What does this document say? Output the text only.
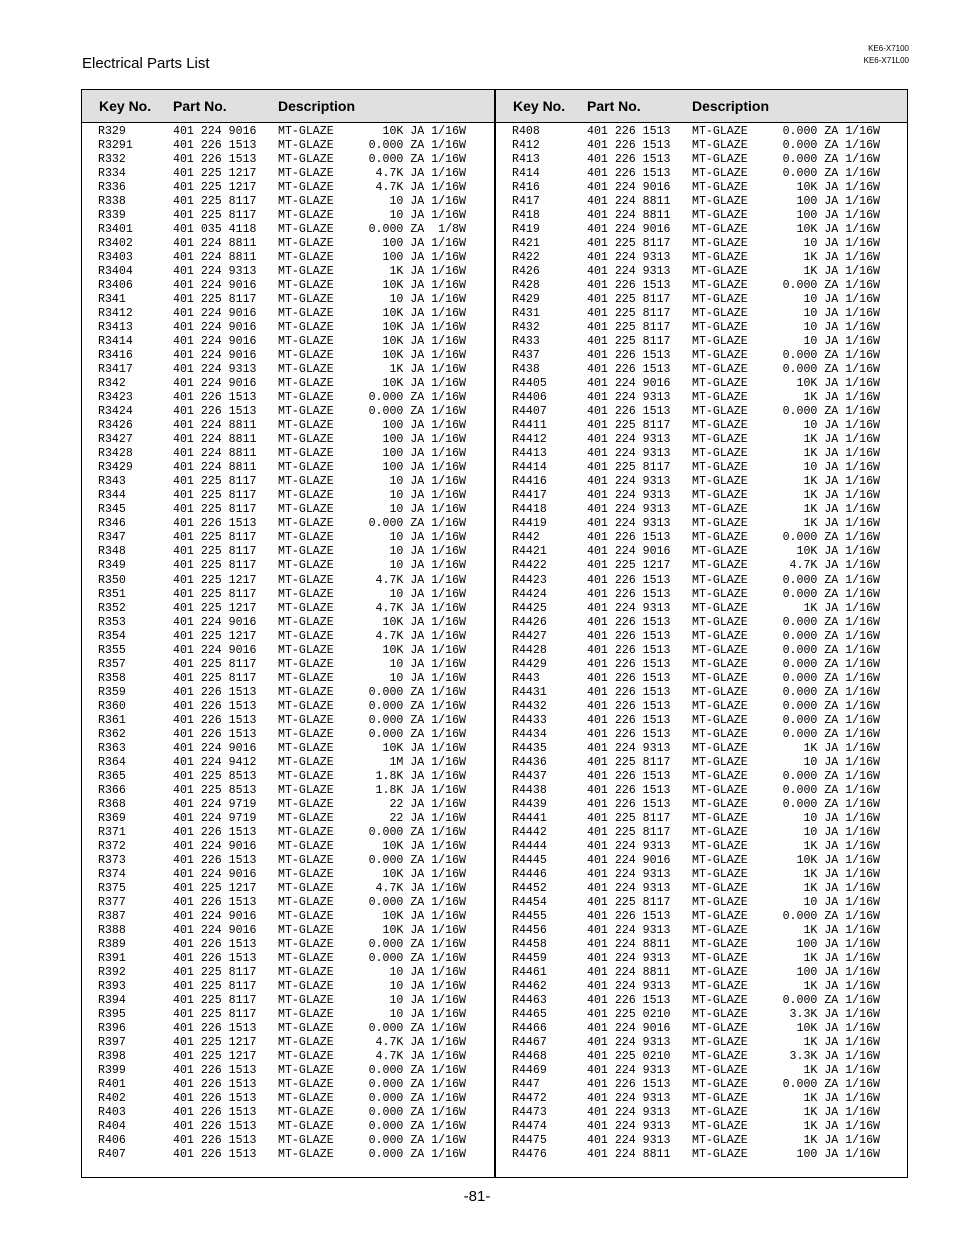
Electrical Parts List
KE6-X7100
KE6-X71L00
Key No. Part No.	Description	Key No. Part No.	Description
R329	401 224 9016 MT-GLAZE	10K JA 1/16W
R3291	401 226 1513 MT-GLAZE	0.000 ZA 1/16W
R332	401 226 1513 MT-GLAZE	0.000 ZA 1/16W
R334	401 225 1217 MT-GLAZE	4.7K JA 1/16W
R336	401 225 1217 MT-GLAZE	4.7K JA 1/16W
R338	401 225 8117 MT-GLAZE	10 JA 1/16W
R339	401 225 8117 MT-GLAZE	10 JA 1/16W
R3401	401 035 4118 MT-GLAZE	0.000 ZA  1/8W
R3402	401 224 8811 MT-GLAZE	100 JA 1/16W
R3403	401 224 8811 MT-GLAZE	100 JA 1/16W
R3404	401 224 9313 MT-GLAZE	1K JA 1/16W
R3406	401 224 9016 MT-GLAZE	10K JA 1/16W
R341	401 225 8117 MT-GLAZE	10 JA 1/16W
R3412	401 224 9016 MT-GLAZE	10K JA 1/16W
R3413	401 224 9016 MT-GLAZE	10K JA 1/16W
R3414	401 224 9016 MT-GLAZE	10K JA 1/16W
R3416	401 224 9016 MT-GLAZE	10K JA 1/16W
R3417	401 224 9313 MT-GLAZE	1K JA 1/16W
R342	401 224 9016 MT-GLAZE	10K JA 1/16W
R3423	401 226 1513 MT-GLAZE	0.000 ZA 1/16W
R3424	401 226 1513 MT-GLAZE	0.000 ZA 1/16W
R3426	401 224 8811 MT-GLAZE	100 JA 1/16W
R3427	401 224 8811 MT-GLAZE	100 JA 1/16W
R3428	401 224 8811 MT-GLAZE	100 JA 1/16W
R3429	401 224 8811 MT-GLAZE	100 JA 1/16W
R343	401 225 8117 MT-GLAZE	10 JA 1/16W
R344	401 225 8117 MT-GLAZE	10 JA 1/16W
R345	401 225 8117 MT-GLAZE	10 JA 1/16W
R346	401 226 1513 MT-GLAZE	0.000 ZA 1/16W
R347	401 225 8117 MT-GLAZE	10 JA 1/16W
R348	401 225 8117 MT-GLAZE	10 JA 1/16W
R349	401 225 8117 MT-GLAZE	10 JA 1/16W
R350	401 225 1217 MT-GLAZE	4.7K JA 1/16W
R351	401 225 8117 MT-GLAZE	10 JA 1/16W
R352	401 225 1217 MT-GLAZE	4.7K JA 1/16W
R353	401 224 9016 MT-GLAZE	10K JA 1/16W
R354	401 225 1217 MT-GLAZE	4.7K JA 1/16W
R355	401 224 9016 MT-GLAZE	10K JA 1/16W
R357	401 225 8117 MT-GLAZE	10 JA 1/16W
R358	401 225 8117 MT-GLAZE	10 JA 1/16W
R359	401 226 1513 MT-GLAZE	0.000 ZA 1/16W
R360	401 226 1513 MT-GLAZE	0.000 ZA 1/16W
R361	401 226 1513 MT-GLAZE	0.000 ZA 1/16W
R362	401 226 1513 MT-GLAZE	0.000 ZA 1/16W
R363	401 224 9016 MT-GLAZE	10K JA 1/16W
R364	401 224 9412 MT-GLAZE	1M JA 1/16W
R365	401 225 8513 MT-GLAZE	1.8K JA 1/16W
R366	401 225 8513 MT-GLAZE	1.8K JA 1/16W
R368	401 224 9719 MT-GLAZE	22 JA 1/16W
R369	401 224 9719 MT-GLAZE	22 JA 1/16W
R371	401 226 1513 MT-GLAZE	0.000 ZA 1/16W
R372	401 224 9016 MT-GLAZE	10K JA 1/16W
R373	401 226 1513 MT-GLAZE	0.000 ZA 1/16W
R374	401 224 9016 MT-GLAZE	10K JA 1/16W
R375	401 225 1217 MT-GLAZE	4.7K JA 1/16W
R377	401 226 1513 MT-GLAZE	0.000 ZA 1/16W
R387	401 224 9016 MT-GLAZE	10K JA 1/16W
R388	401 224 9016 MT-GLAZE	10K JA 1/16W
R389	401 226 1513 MT-GLAZE	0.000 ZA 1/16W
R391	401 226 1513 MT-GLAZE	0.000 ZA 1/16W
R392	401 225 8117 MT-GLAZE	10 JA 1/16W
R393	401 225 8117 MT-GLAZE	10 JA 1/16W
R394	401 225 8117 MT-GLAZE	10 JA 1/16W
R395	401 225 8117 MT-GLAZE	10 JA 1/16W
R396	401 226 1513 MT-GLAZE	0.000 ZA 1/16W
R397	401 225 1217 MT-GLAZE	4.7K JA 1/16W
R398	401 225 1217 MT-GLAZE	4.7K JA 1/16W
R399	401 226 1513 MT-GLAZE	0.000 ZA 1/16W
R401	401 226 1513 MT-GLAZE	0.000 ZA 1/16W
R402	401 226 1513 MT-GLAZE	0.000 ZA 1/16W
R403	401 226 1513 MT-GLAZE	0.000 ZA 1/16W
R404	401 226 1513 MT-GLAZE	0.000 ZA 1/16W
R406	401 226 1513 MT-GLAZE	0.000 ZA 1/16W
R407	401 226 1513 MT-GLAZE	0.000 ZA 1/16W
R408	401 226 1513 MT-GLAZE	0.000 ZA 1/16W
R412	401 226 1513 MT-GLAZE	0.000 ZA 1/16W
R413	401 226 1513 MT-GLAZE	0.000 ZA 1/16W
R414	401 226 1513 MT-GLAZE	0.000 ZA 1/16W
R416	401 224 9016 MT-GLAZE	10K JA 1/16W
R417	401 224 8811 MT-GLAZE	100 JA 1/16W
R418	401 224 8811 MT-GLAZE	100 JA 1/16W
R419	401 224 9016 MT-GLAZE	10K JA 1/16W
R421	401 225 8117 MT-GLAZE	10 JA 1/16W
R422	401 224 9313 MT-GLAZE	1K JA 1/16W
R426	401 224 9313 MT-GLAZE	1K JA 1/16W
R428	401 226 1513 MT-GLAZE	0.000 ZA 1/16W
R429	401 225 8117 MT-GLAZE	10 JA 1/16W
R431	401 225 8117 MT-GLAZE	10 JA 1/16W
R432	401 225 8117 MT-GLAZE	10 JA 1/16W
R433	401 225 8117 MT-GLAZE	10 JA 1/16W
R437	401 226 1513 MT-GLAZE	0.000 ZA 1/16W
R438	401 226 1513 MT-GLAZE	0.000 ZA 1/16W
R4405	401 224 9016 MT-GLAZE	10K JA 1/16W
R4406	401 224 9313 MT-GLAZE	1K JA 1/16W
R4407	401 226 1513 MT-GLAZE	0.000 ZA 1/16W
R4411	401 225 8117 MT-GLAZE	10 JA 1/16W
R4412	401 224 9313 MT-GLAZE	1K JA 1/16W
R4413	401 224 9313 MT-GLAZE	1K JA 1/16W
R4414	401 225 8117 MT-GLAZE	10 JA 1/16W
R4416	401 224 9313 MT-GLAZE	1K JA 1/16W
R4417	401 224 9313 MT-GLAZE	1K JA 1/16W
R4418	401 224 9313 MT-GLAZE	1K JA 1/16W
R4419	401 224 9313 MT-GLAZE	1K JA 1/16W
R442	401 226 1513 MT-GLAZE	0.000 ZA 1/16W
R4421	401 224 9016 MT-GLAZE	10K JA 1/16W
R4422	401 225 1217 MT-GLAZE	4.7K JA 1/16W
R4423	401 226 1513 MT-GLAZE	0.000 ZA 1/16W
R4424	401 226 1513 MT-GLAZE	0.000 ZA 1/16W
R4425	401 224 9313 MT-GLAZE	1K JA 1/16W
R4426	401 226 1513 MT-GLAZE	0.000 ZA 1/16W
R4427	401 226 1513 MT-GLAZE	0.000 ZA 1/16W
R4428	401 226 1513 MT-GLAZE	0.000 ZA 1/16W
R4429	401 226 1513 MT-GLAZE	0.000 ZA 1/16W
R443	401 226 1513 MT-GLAZE	0.000 ZA 1/16W
R4431	401 226 1513 MT-GLAZE	0.000 ZA 1/16W
R4432	401 226 1513 MT-GLAZE	0.000 ZA 1/16W
R4433	401 226 1513 MT-GLAZE	0.000 ZA 1/16W
R4434	401 226 1513 MT-GLAZE	0.000 ZA 1/16W
R4435	401 224 9313 MT-GLAZE	1K JA 1/16W
R4436	401 225 8117 MT-GLAZE	10 JA 1/16W
R4437	401 226 1513 MT-GLAZE	0.000 ZA 1/16W
R4438	401 226 1513 MT-GLAZE	0.000 ZA 1/16W
R4439	401 226 1513 MT-GLAZE	0.000 ZA 1/16W
R4441	401 225 8117 MT-GLAZE	10 JA 1/16W
R4442	401 225 8117 MT-GLAZE	10 JA 1/16W
R4444	401 224 9313 MT-GLAZE	1K JA 1/16W
R4445	401 224 9016 MT-GLAZE	10K JA 1/16W
R4446	401 224 9313 MT-GLAZE	1K JA 1/16W
R4452	401 224 9313 MT-GLAZE	1K JA 1/16W
R4454	401 225 8117 MT-GLAZE	10 JA 1/16W
R4455	401 226 1513 MT-GLAZE	0.000 ZA 1/16W
R4456	401 224 9313 MT-GLAZE	1K JA 1/16W
R4458	401 224 8811 MT-GLAZE	100 JA 1/16W
R4459	401 224 9313 MT-GLAZE	1K JA 1/16W
R4461	401 224 8811 MT-GLAZE	100 JA 1/16W
R4462	401 224 9313 MT-GLAZE	1K JA 1/16W
R4463	401 226 1513 MT-GLAZE	0.000 ZA 1/16W
R4465	401 225 0210 MT-GLAZE	3.3K JA 1/16W
R4466	401 224 9016 MT-GLAZE	10K JA 1/16W
R4467	401 224 9313 MT-GLAZE	1K JA 1/16W
R4468	401 225 0210 MT-GLAZE	3.3K JA 1/16W
R4469	401 224 9313 MT-GLAZE	1K JA 1/16W
R447	401 226 1513 MT-GLAZE	0.000 ZA 1/16W
R4472	401 224 9313 MT-GLAZE	1K JA 1/16W
R4473	401 224 9313 MT-GLAZE	1K JA 1/16W
R4474	401 224 9313 MT-GLAZE	1K JA 1/16W
R4475	401 224 9313 MT-GLAZE	1K JA 1/16W
R4476	401 224 8811 MT-GLAZE	100 JA 1/16W
-81-
